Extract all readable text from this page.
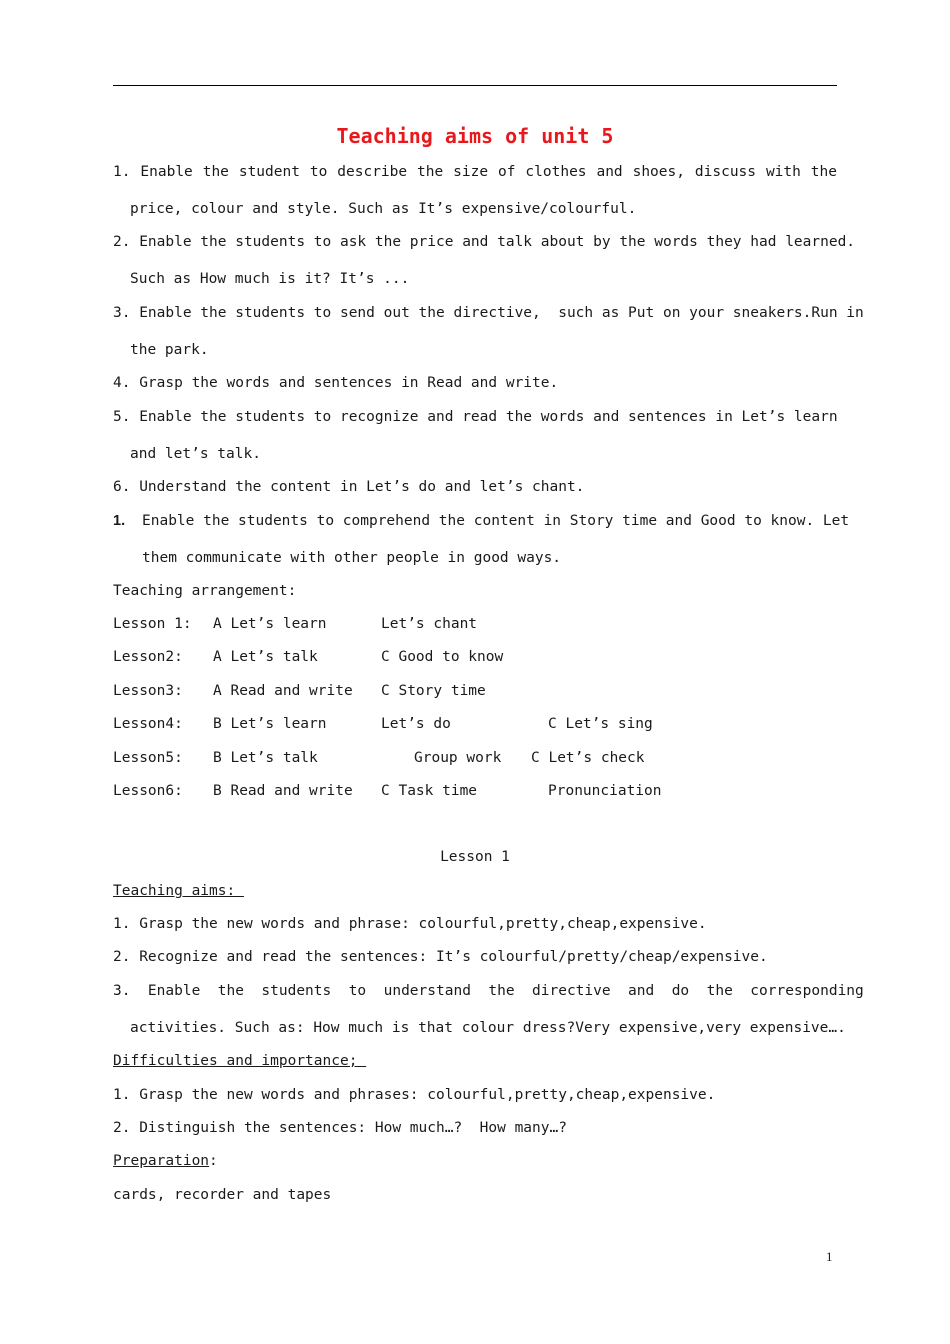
Teaching aims of unit 5
1. Enable the student to describe the size of clothes and shoes, discuss with the
price, colour and style. Such as It’s expensive/colourful.
2. Enable the students to ask the price and talk about by the words they had learned.
Such as How much is it? It’s ...
3. Enable the students to send out the directive,  such as Put on your sneakers.Run in
the park.
4. Grasp the words and sentences in Read and write.
5. Enable the students to recognize and read the words and sentences in Let’s learn
and let’s talk.
6. Understand the content in Let’s do and let’s chant.
1. Enable the students to comprehend the content in Story time and Good to know. Let
them communicate with other people in good ways.
Teaching arrangement:
Lesson 1: A Let’s learn	Let’s chant
Lesson2: A Let’s talk	C Good to know
Lesson3: A Read and write C Story time
Lesson4: B Let’s learn	Let’s do	C Let’s sing
Lesson5: B Let’s talk	Group work C Let’s check
Lesson6: B Read and write C Task time	Pronunciation
Lesson 1
Teaching aims:
1. Grasp the new words and phrase: colourful,pretty,cheap,expensive.
2. Recognize and read the sentences: It’s colourful/pretty/cheap/expensive.
3.  Enable  the  students  to  understand  the  directive  and  do  the  corresponding
activities. Such as: How much is that colour dress?Very expensive,very expensive….
Difficulties and importance;
1. Grasp the new words and phrases: colourful,pretty,cheap,expensive.
2. Distinguish the sentences: How much…?  How many…?
Preparation:
cards, recorder and tapes
1
